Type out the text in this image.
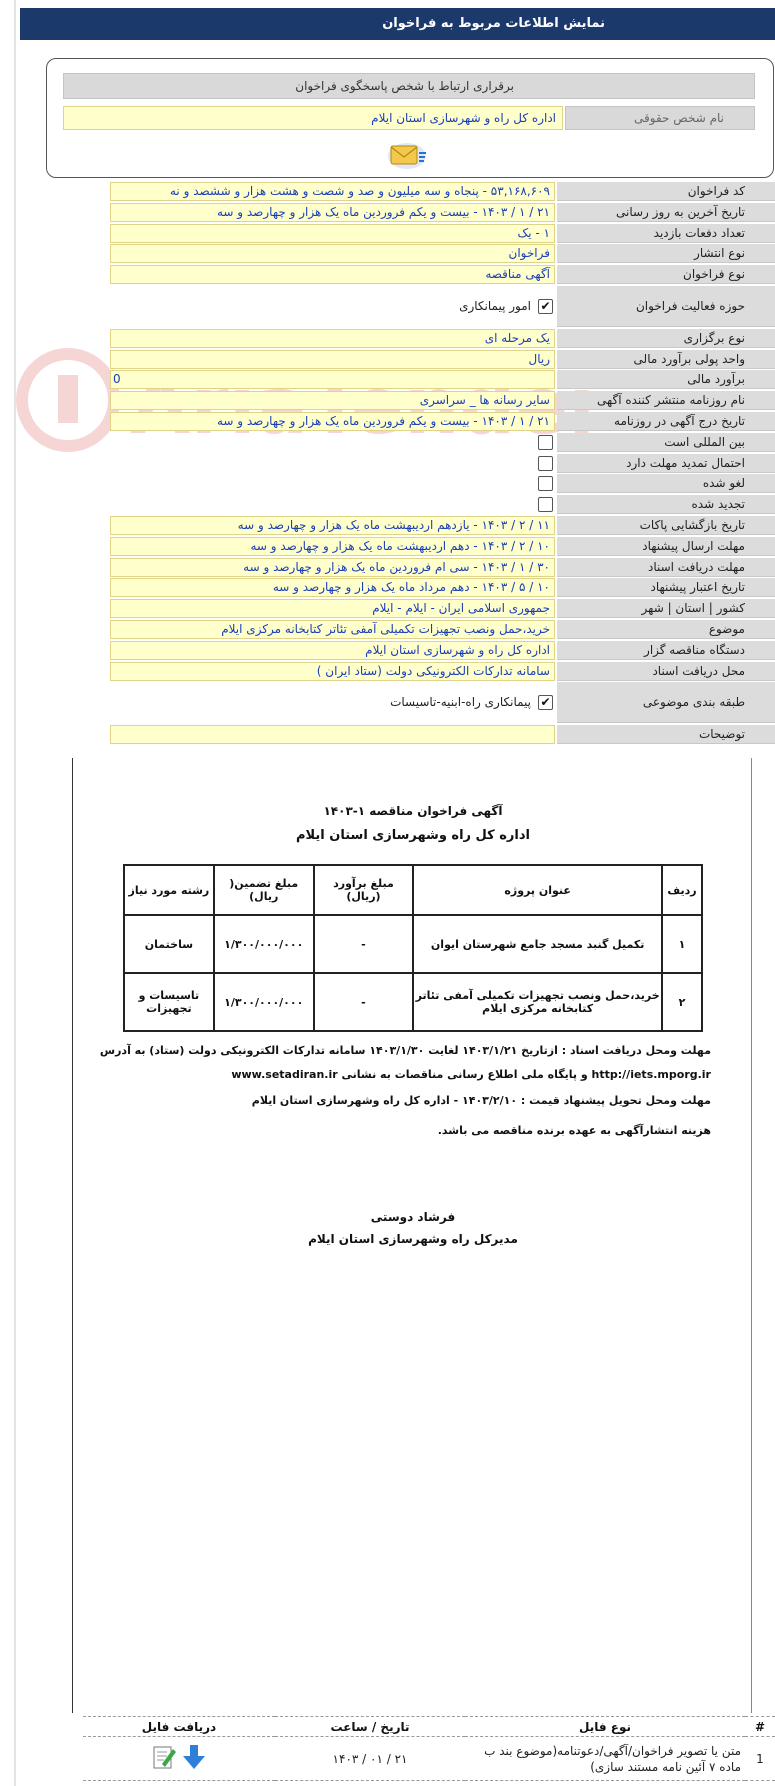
نمایش اطلاعات مربوط به فراخوان
برقراری ارتباط با شخص پاسخگوی فراخوان
نام شخص حقوقی
اداره کل راه و شهرسازی استان ایلام
۵۳,۱۶۸,۶۰۹ - پنجاه و سه میلیون و صد و شصت و هشت هزار و ششصد و نه	کد فراخوان
۲۱ / ۱ / ۱۴۰۳ - بیست و یکم فروردین ماه یک هزار و چهارصد و سه	تاریخ آخرین به روز رسانی
۱ - یک	تعداد دفعات بازدید
فراخوان	نوع انتشار
آگهی مناقصه	نوع فراخوان
✔
امور پیمانکاری	حوزه فعالیت فراخوان
یک مرحله ای	نوع برگزاری
ریال	واحد پولی برآورد مالی
0	برآورد مالی
سایر رسانه ها _ سراسری	نام روزنامه منتشر کننده آگهی
۲۱ / ۱ / ۱۴۰۳ - بیست و یکم فروردین ماه یک هزار و چهارصد و سه	تاریخ درج آگهی در روزنامه
بین المللی است
احتمال تمدید مهلت دارد
لغو شده
تجدید شده
۱۱ / ۲ / ۱۴۰۳ - یازدهم اردیبهشت ماه یک هزار و چهارصد و سه	تاریخ بازگشایی پاکات
۱۰ / ۲ / ۱۴۰۳ - دهم اردیبهشت ماه یک هزار و چهارصد و سه	مهلت ارسال پیشنهاد
۳۰ / ۱ / ۱۴۰۳ - سی ام فروردین ماه یک هزار و چهارصد و سه	مهلت دریافت اسناد
۱۰ / ۵ / ۱۴۰۳ - دهم مرداد ماه یک هزار و چهارصد و سه	تاریخ اعتبار پیشنهاد
جمهوری اسلامی ایران - ایلام - ایلام	کشور | استان | شهر
خرید،حمل ونصب تجهیزات تکمیلی آمفی تئاتر کتابخانه مرکزی ایلام	موضوع
اداره کل راه و شهرسازی استان ایلام	دستگاه مناقصه گزار
سامانه تدارکات الکترونیکی دولت (ستاد ایران )	محل دریافت اسناد
✔
پیمانکاری راه-ابنیه-تاسیسات	طبقه بندی موضوعی
توضیحات
آگهی فراخوان مناقصه ۱-۱۴۰۳
اداره کل راه وشهرسازی استان ایلام
ردیف	عنوان پروژه	مبلغ برآورد (ریال)	مبلغ تضمین( ریال)	رشته مورد نیاز
۱	تکمیل گنبد مسجد جامع شهرستان ایوان	-	۱/۳۰۰/۰۰۰/۰۰۰	ساختمان
۲	خرید،حمل ونصب تجهیزات تکمیلی آمفی تئاتر کتابخانه مرکزی ایلام	-	۱/۳۰۰/۰۰۰/۰۰۰	تاسیسات و تجهیزات
مهلت ومحل دریافت اسناد : ازتاریخ ۱۴۰۳/۱/۲۱ لغایت ۱۴۰۳/۱/۳۰ سامانه تدارکات الکترونیکی دولت (ستاد) به آدرس
www.setadiran.ir و پایگاه ملی اطلاع رسانی مناقصات به نشانی http://iets.mporg.ir
مهلت ومحل تحویل پیشنهاد قیمت : ۱۴۰۳/۲/۱۰ - اداره کل راه وشهرسازی استان ایلام
هزینه انتشارآگهی به عهده برنده مناقصه می باشد.
فرشاد دوستی
مدیرکل راه وشهرسازی استان ایلام
#	نوع فایل	تاریخ / ساعت	دریافت فایل
1	متن یا تصویر فراخوان/آگهی/دعوتنامه(موضوع بند ب ماده ۷ آئین نامه مستند سازی)	۲۱ / ۰۱ / ۱۴۰۳	
